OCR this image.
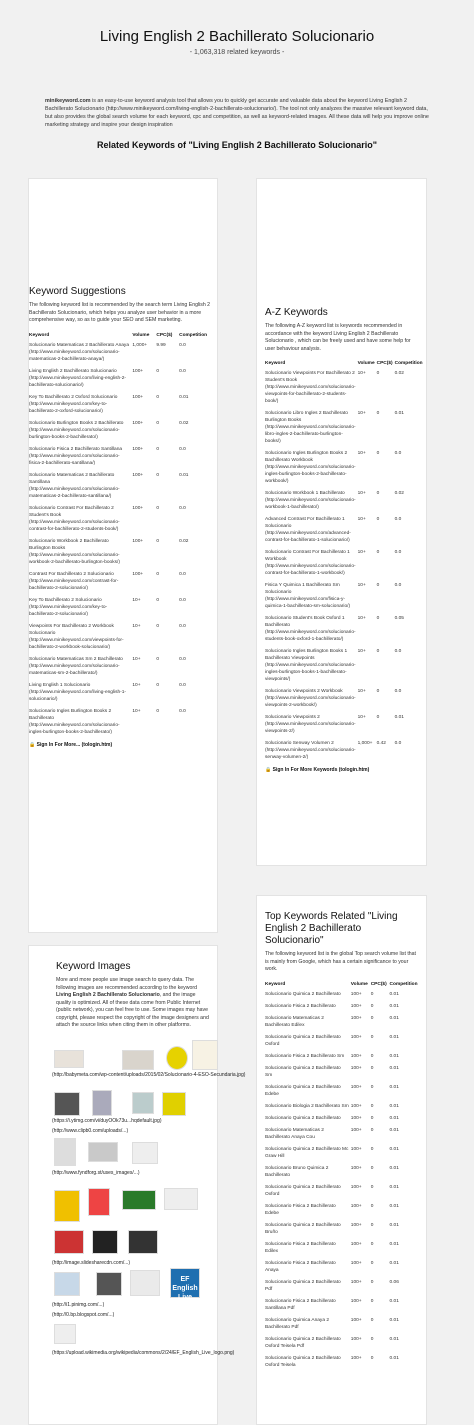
Living English 2 Bachillerato Solucionario
- 1,063,318 related keywords -

minikeyword.com is an easy-to-use keyword analysis tool that allows you to quickly get accurate and valuable data about the keyword Living English 2 Bachillerato Solucionario (http://www.minikeyword.com/living-english-2-bachillerato-solucionario/). The tool not only analyzes the massive relevant keyword data, but also provides the global search volume for each keyword, cpc and competition, as well as keyword-related images. All these data will help you improve online marketing strategy and inspire your design inspiration

Related Keywords of "Living English 2 Bachillerato Solucionario"
Keyword Suggestions

The following keyword list is recommended by the search term Living English 2 Bachillerato Solucionario, which helps you analyze user behavior in a more comprehensive way, so as to guide your SEO and SEM marketing.

Keyword	Volume	CPC($)	Competition
Solucionario Matematicas 2 Bachillerato Anaya (http://www.minikeyword.com/solucionario-matematicas-2-bachillerato-anaya/)	1,000+	9.99	0.0
Living English 2 Bachillerato Solucionario (http://www.minikeyword.com/living-english-2-bachillerato-solucionario/)	100+	0	0.0
Key To Bachillerato 2 Oxford Solucionario (http://www.minikeyword.com/key-to-bachillerato-2-oxford-solucionario/)	100+	0	0.01
Solucionario Burlington Books 2 Bachillerato (http://www.minikeyword.com/solucionario-burlington-books-2-bachillerato/)	100+	0	0.02
Solucionario Fisica 2 Bachillerato Santillana (http://www.minikeyword.com/solucionario-fisica-2-bachillerato-santillana/)	100+	0	0.0
Solucionario Matematicas 2 Bachillerato Santillana (http://www.minikeyword.com/solucionario-matematicas-2-bachillerato-santillana/)	100+	0	0.01
Solucionario Contrast For Bachillerato 2 Student's Book (http://www.minikeyword.com/solucionario-contrast-for-bachillerato-2-students-book/)	100+	0	0.0
Solucionario Workbook 2 Bachillerato Burlington Books (http://www.minikeyword.com/solucionario-workbook-2-bachillerato-burlington-books/)	100+	0	0.02
Contrast For Bachillerato 2 Solucionario (http://www.minikeyword.com/contrast-for-bachillerato-2-solucionario/)	100+	0	0.0
Key To Bachillerato 2 Solucionario (http://www.minikeyword.com/key-to-bachillerato-2-solucionario/)	10+	0	0.0
Viewpoints For Bachillerato 2 Workbook Solucionario (http://www.minikeyword.com/viewpoints-for-bachillerato-2-workbook-solucionario/)	10+	0	0.0
Solucionario Matematicas Sm 2 Bachillerato (http://www.minikeyword.com/solucionario-matematicas-sm-2-bachillerato/)	10+	0	0.0
Living English 1 Solucionario (http://www.minikeyword.com/living-english-1-solucionario/)	10+	0	0.0
Solucionario Ingles Burlington Books 2 Bachillerato (http://www.minikeyword.com/solucionario-ingles-burlington-books-2-bachillerato/)	10+	0	0.0
🔒 Sign In For More... (tologin.htm)
A-Z Keywords

The following A-Z keyword list is keywords recommended in accordance with the keyword Living English 2 Bachillerato Solucionario , which can be freely used and have some help for user behaviour analysis.

Keyword	Volume	CPC($)	Competition
Solucionario Viewpoints For Bachillerato 2 Student's Book (http://www.minikeyword.com/solucionario-viewpoints-for-bachillerato-2-students-book/)	10+	0	0.02
Solucionario Libro Ingles 2 Bachillerato Burlington Books (http://www.minikeyword.com/solucionario-libro-ingles-2-bachillerato-burlington-books/)	10+	0	0.01
Solucionario Ingles Burlington Books 2 Bachillerato Workbook (http://www.minikeyword.com/solucionario-ingles-burlington-books-2-bachillerato-workbook/)	10+	0	0.0
Solucionario Workbook 1 Bachillerato (http://www.minikeyword.com/solucionario-workbook-1-bachillerato/)	10+	0	0.02
Advanced Contrast For Bachillerato 1 Solucionario (http://www.minikeyword.com/advanced-contrast-for-bachillerato-1-solucionario/)	10+	0	0.0
Solucionario Contrast For Bachillerato 1 Workbook (http://www.minikeyword.com/solucionario-contrast-for-bachillerato-1-workbook/)	10+	0	0.0
Fisica Y Quimica 1 Bachillerato Sm Solucionario (http://www.minikeyword.com/fisica-y-quimica-1-bachillerato-sm-solucionario/)	10+	0	0.0
Solucionario Student's Book Oxford 1 Bachillerato (http://www.minikeyword.com/solucionario-students-book-oxford-1-bachillerato/)	10+	0	0.05
Solucionario Ingles Burlington Books 1 Bachillerato Viewpoints (http://www.minikeyword.com/solucionario-ingles-burlington-books-1-bachillerato-viewpoints/)	10+	0	0.0
Solucionario Viewpoints 2 Workbook (http://www.minikeyword.com/solucionario-viewpoints-2-workbook/)	10+	0	0.0
Solucionario Viewpoints 2 (http://www.minikeyword.com/solucionario-viewpoints-2/)	10+	0	0.01
Solucionario Senway Volumen 2 (http://www.minikeyword.com/solucionario-senway-volumen-2/)	1,000+	0.42	0.0
🔒 Sign In For More Keywords (tologin.htm)
Top Keywords Related "Living English 2 Bachillerato Solucionario"

The following keyword list is the global Top search volume list that is mainly from Google, which has a certain significance to your work.

Keyword	Volume	CPC($)	Competition
Solucionario Quimica 2 Bachillerato	100+	0	0.01
Solucionario Fisica 2 Bachillerato	100+	0	0.01
Solucionario Matematicas 2 Bachillerato Edilex	100+	0	0.01
Solucionario Quimica 2 Bachillerato Oxford	100+	0	0.01
Solucionario Fisica 2 Bachillerato Sm	100+	0	0.01
Solucionario Quimica 2 Bachillerato Sm	100+	0	0.01
Solucionario Quimica 2 Bachillerato Edebe	100+	0	0.01
Solucionario Biologia 2 Bachillerato Sm	100+	0	0.01
Solucionario Quimica 2 Bachillerato	100+	0	0.01
Solucionario Matematicas 2 Bachillerato Anaya Cou	100+	0	0.01
Solucionario Quimica 2 Bachillerato Mc Graw Hill	100+	0	0.01
Solucionario Bruno Quimica 2 Bachillerato	100+	0	0.01
Solucionario Quimica 2 Bachillerato Oxford	100+	0	0.01
Solucionario Fisica 2 Bachillerato Edebe	100+	0	0.01
Solucionario Quimica 2 Bachillerato Bruño	100+	0	0.01
Solucionario Fisica 2 Bachillerato Edilex	100+	0	0.01
Solucionario Fisica 2 Bachillerato Anaya	100+	0	0.01
Solucionario Quimica 2 Bachillerato Pdf	100+	0	0.06
Solucionario Fisica 2 Bachillerato Santillana Pdf	100+	0	0.01
Solucionario Quimica Anaya 2 Bachillerato Pdf	100+	0	0.01
Solucionario Quimica 2 Bachillerato Oxford Teisela Pdf	100+	0	0.01
Solucionario Quimica 2 Bachillerato Oxford Teisela	100+	0	0.01
Keyword Images

More and more people use image search to query data. The following images are recommended according to the keyword Living English 2 Bachillerato Solucionario, and the image quality is optimized. All of these data come from Public Internet (public network), you can feel free to use. Some images may have copyright, please respect the copyright of the image designers and attach the source links when citing them in other platforms.

(http://babymeta.com/wp-content/uploads/2015/02/Solucionario-4-ESO-Secundaria.jpg)
(https://i.ytimg.com/vi/duyOOk73u...hqdefault.jpg)
(http://www.clipb0.com/uploads/...)
(http://www.fyndforg.st/uses_images/...)
(http://image.slidesharecdn.com/...)
EF English Live
(http://i1.pinimg.com/...)
(http://0.bp.blogspot.com/...)
(https://upload.wikimedia.org/wikipedia/commons/2/24/EF_English_Live_logo.png)
